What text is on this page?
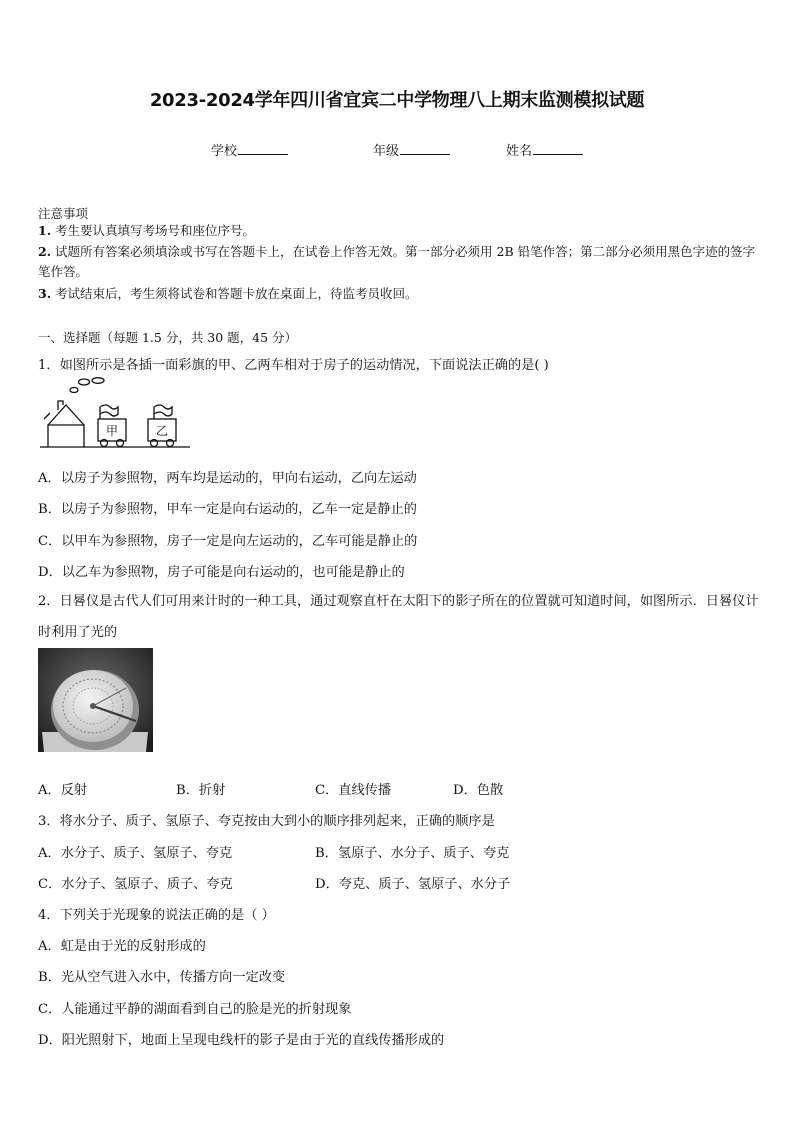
2023-2024学年四川省宜宾二中学物理八上期末监测模拟试题
学校	年级	姓名
注意事项
1. 考生要认真填写考场号和座位序号。
2. 试题所有答案必须填涂或书写在答题卡上，在试卷上作答无效。第一部分必须用 2B 铅笔作答；第二部分必须用黑色字迹的签字笔作答。
3. 考试结束后，考生须将试卷和答题卡放在桌面上，待监考员收回。
一、选择题（每题 1.5 分，共 30 题，45 分）
1．如图所示是各插一面彩旗的甲、乙两车相对于房子的运动情况，下面说法正确的是( )
甲	乙
A．以房子为参照物，两车均是运动的，甲向右运动，乙向左运动
B．以房子为参照物，甲车一定是向右运动的，乙车一定是静止的
C．以甲车为参照物，房子一定是向左运动的，乙车可能是静止的
D．以乙车为参照物，房子可能是向右运动的，也可能是静止的
2．日晷仪是古代人们可用来计时的一种工具，通过观察直杆在太阳下的影子所在的位置就可知道时间，如图所示．日晷仪计时利用了光的
A．反射	B．折射	C．直线传播	D．色散
3．将水分子、质子、氢原子、夸克按由大到小的顺序排列起来，正确的顺序是
A．水分子、质子、氢原子、夸克	B．氢原子、水分子、质子、夸克
C．水分子、氢原子、质子、夸克	D．夸克、质子、氢原子、水分子
4．下列关于光现象的说法正确的是（ ）
A．虹是由于光的反射形成的
B．光从空气进入水中，传播方向一定改变
C．人能通过平静的湖面看到自己的脸是光的折射现象
D．阳光照射下，地面上呈现电线杆的影子是由于光的直线传播形成的
